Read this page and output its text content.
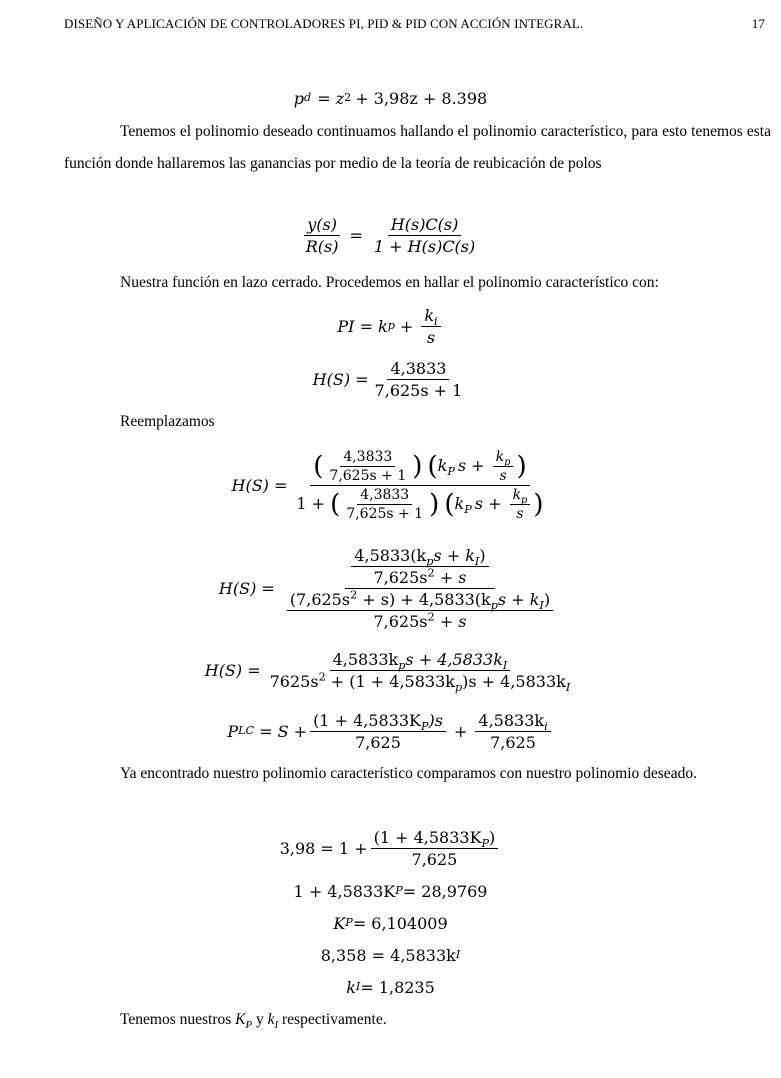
DISEÑO Y APLICACIÓN DE CONTROLADORES PI, PID & PID CON ACCIÓN INTEGRAL.	17
p d = z 2 + 3,98z + 8.398
Tenemos el polinomio deseado continuamos hallando el polinomio característico, para esto tenemos esta función donde hallaremos las ganancias por medio de la teoría de reubicación de polos
$\frac{y(s)}{R(s)} = \frac{H(s)C(s)}{1 + H(s)C(s)}$
Nuestra función en lazo cerrado. Procedemos en hallar el polinomio característico con:
PI = k $p + \frac{k_i}{s}$
$H(S) = \frac{4,3833}{7,625s + 1}$
Reemplazamos
$H(S) = \frac{( \frac{4,3833}{7,625s + 1} ) (k_P s + \frac{k_p}{s} )}{1 + ( \frac{4,3833}{7,625s + 1} ) (k_P s + \frac{k_p}{s} )}$
$H(S) = \frac{\frac{4,5833(k_ps + k_I)}{7,625s^2 + s}}{\frac{(7,625s^2 + s) + 4,5833(k_ps + k_I)}{7,625s^2 + s}}$
$H(S) = \frac{4,5833k_ps + 4,5833k_I}{7625s^2 + (1 + 4,5833k_p)s + 4,5833k_I}$
P LC = $S + \frac{(1 + 4,5833K_P)s}{7,625} + \frac{4,5833k_i}{7,625}$
Ya encontrado nuestro polinomio característico comparamos con nuestro polinomio deseado.
$3,98 = 1 + \frac{(1 + 4,5833K_P)}{7,625}$
1 + 4,5833K P = 28,9769
K P = 6,104009
8,358 = 4,5833k I
k I = 1,8235
Tenemos nuestros $K_P$ y $k_I$ respectivamente.
